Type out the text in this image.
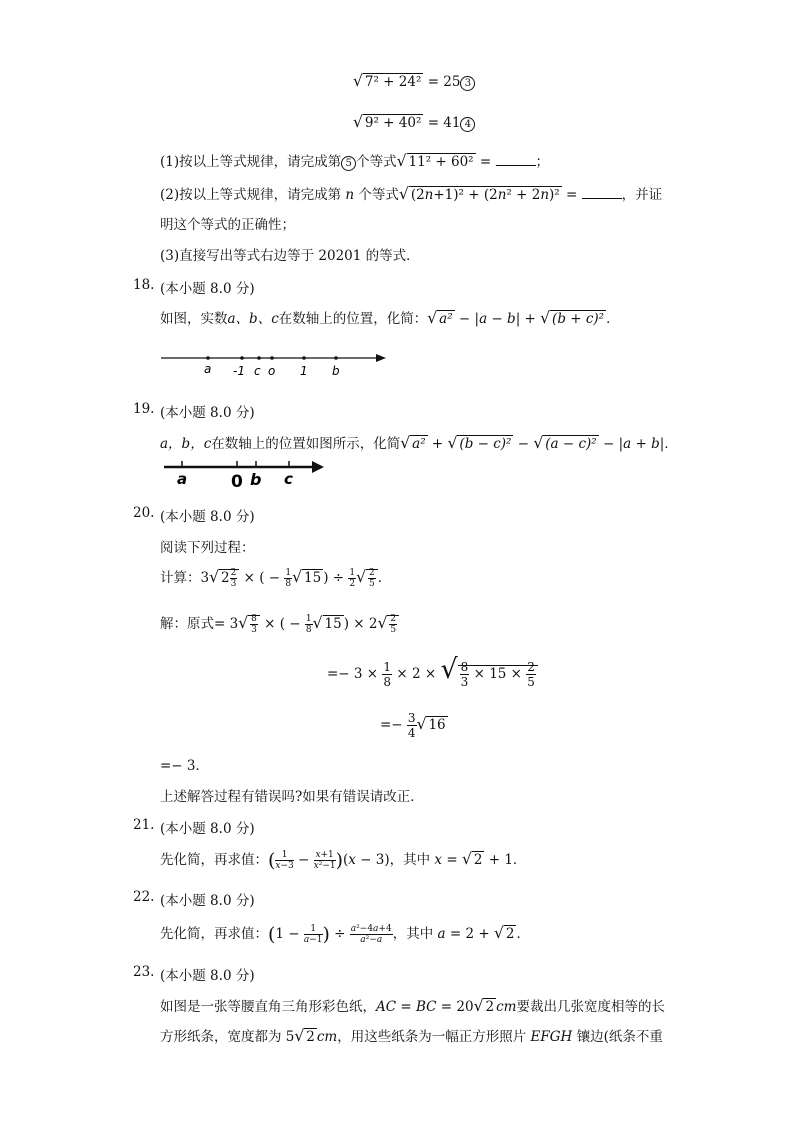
√ 7² + 24² = 25 3
√ 9² + 40² = 41 4
(1)按以上等式规律，请完成第 5 个等式√ 11² + 60² =	；
(2)按以上等式规律，请完成第 n 个等式√ (2n+1)² + (2n² + 2n)² =	，并证
明这个等式的正确性；
(3)直接写出等式右边等于 20201 的等式．
18. (本小题 8.0 分)
如图，实数a、b、c在数轴上的位置，化简：√ a² − |a − b| + √ (b + c)² ．
a -1 c o 1 b
19. (本小题 8.0 分)
a，b，c在数轴上的位置如图所示，化简√ a² + √ (b − c)² − √ (a − c)² − |a + b|．
a	0 b c
20. (本小题 8.0 分)
阅读下列过程：
计算：3√ $2 \frac{2}{3}$ × ( − $\frac{1}{8}$ √ 15 ) ÷ $\frac{1}{2}$ √ $\frac{2}{5}$ ．
解：原式= $3√ \frac{8}{3}$ × ( − $\frac{1}{8}$ √ 15 ) × $2√ \frac{2}{5}$
=− $3 \times \frac{1}{8} \times 2$ × √ $\frac{8}{3} \times 15 \times \frac{2}{5}$
=− $\frac{3}{4}$ √ 16
=− 3．
上述解答过程有错误吗?如果有错误请改正．
21. (本小题 8.0 分)
先化简，再求值：( $\frac{1}{x-3} - \frac{x+1}{\text{x²−1}} )(x - 3)$，其中 x = √ 2 + 1．
22. (本小题 8.0 分)
先化简，再求值：($1 - \frac{1}{a-1}$ ) ÷ $\frac{\text{a²−4a+4}}{\text{a²−a}}$ ，其中 a = 2 + √ 2 ．
23. (本小题 8.0 分)
如图是一张等腰直角三角形彩色纸，AC = BC = 20√ 2 cm要裁出几张宽度相等的长
方形纸条，宽度都为 5√ 2 cm，用这些纸条为一幅正方形照片 EFGH 镶边(纸条不重
